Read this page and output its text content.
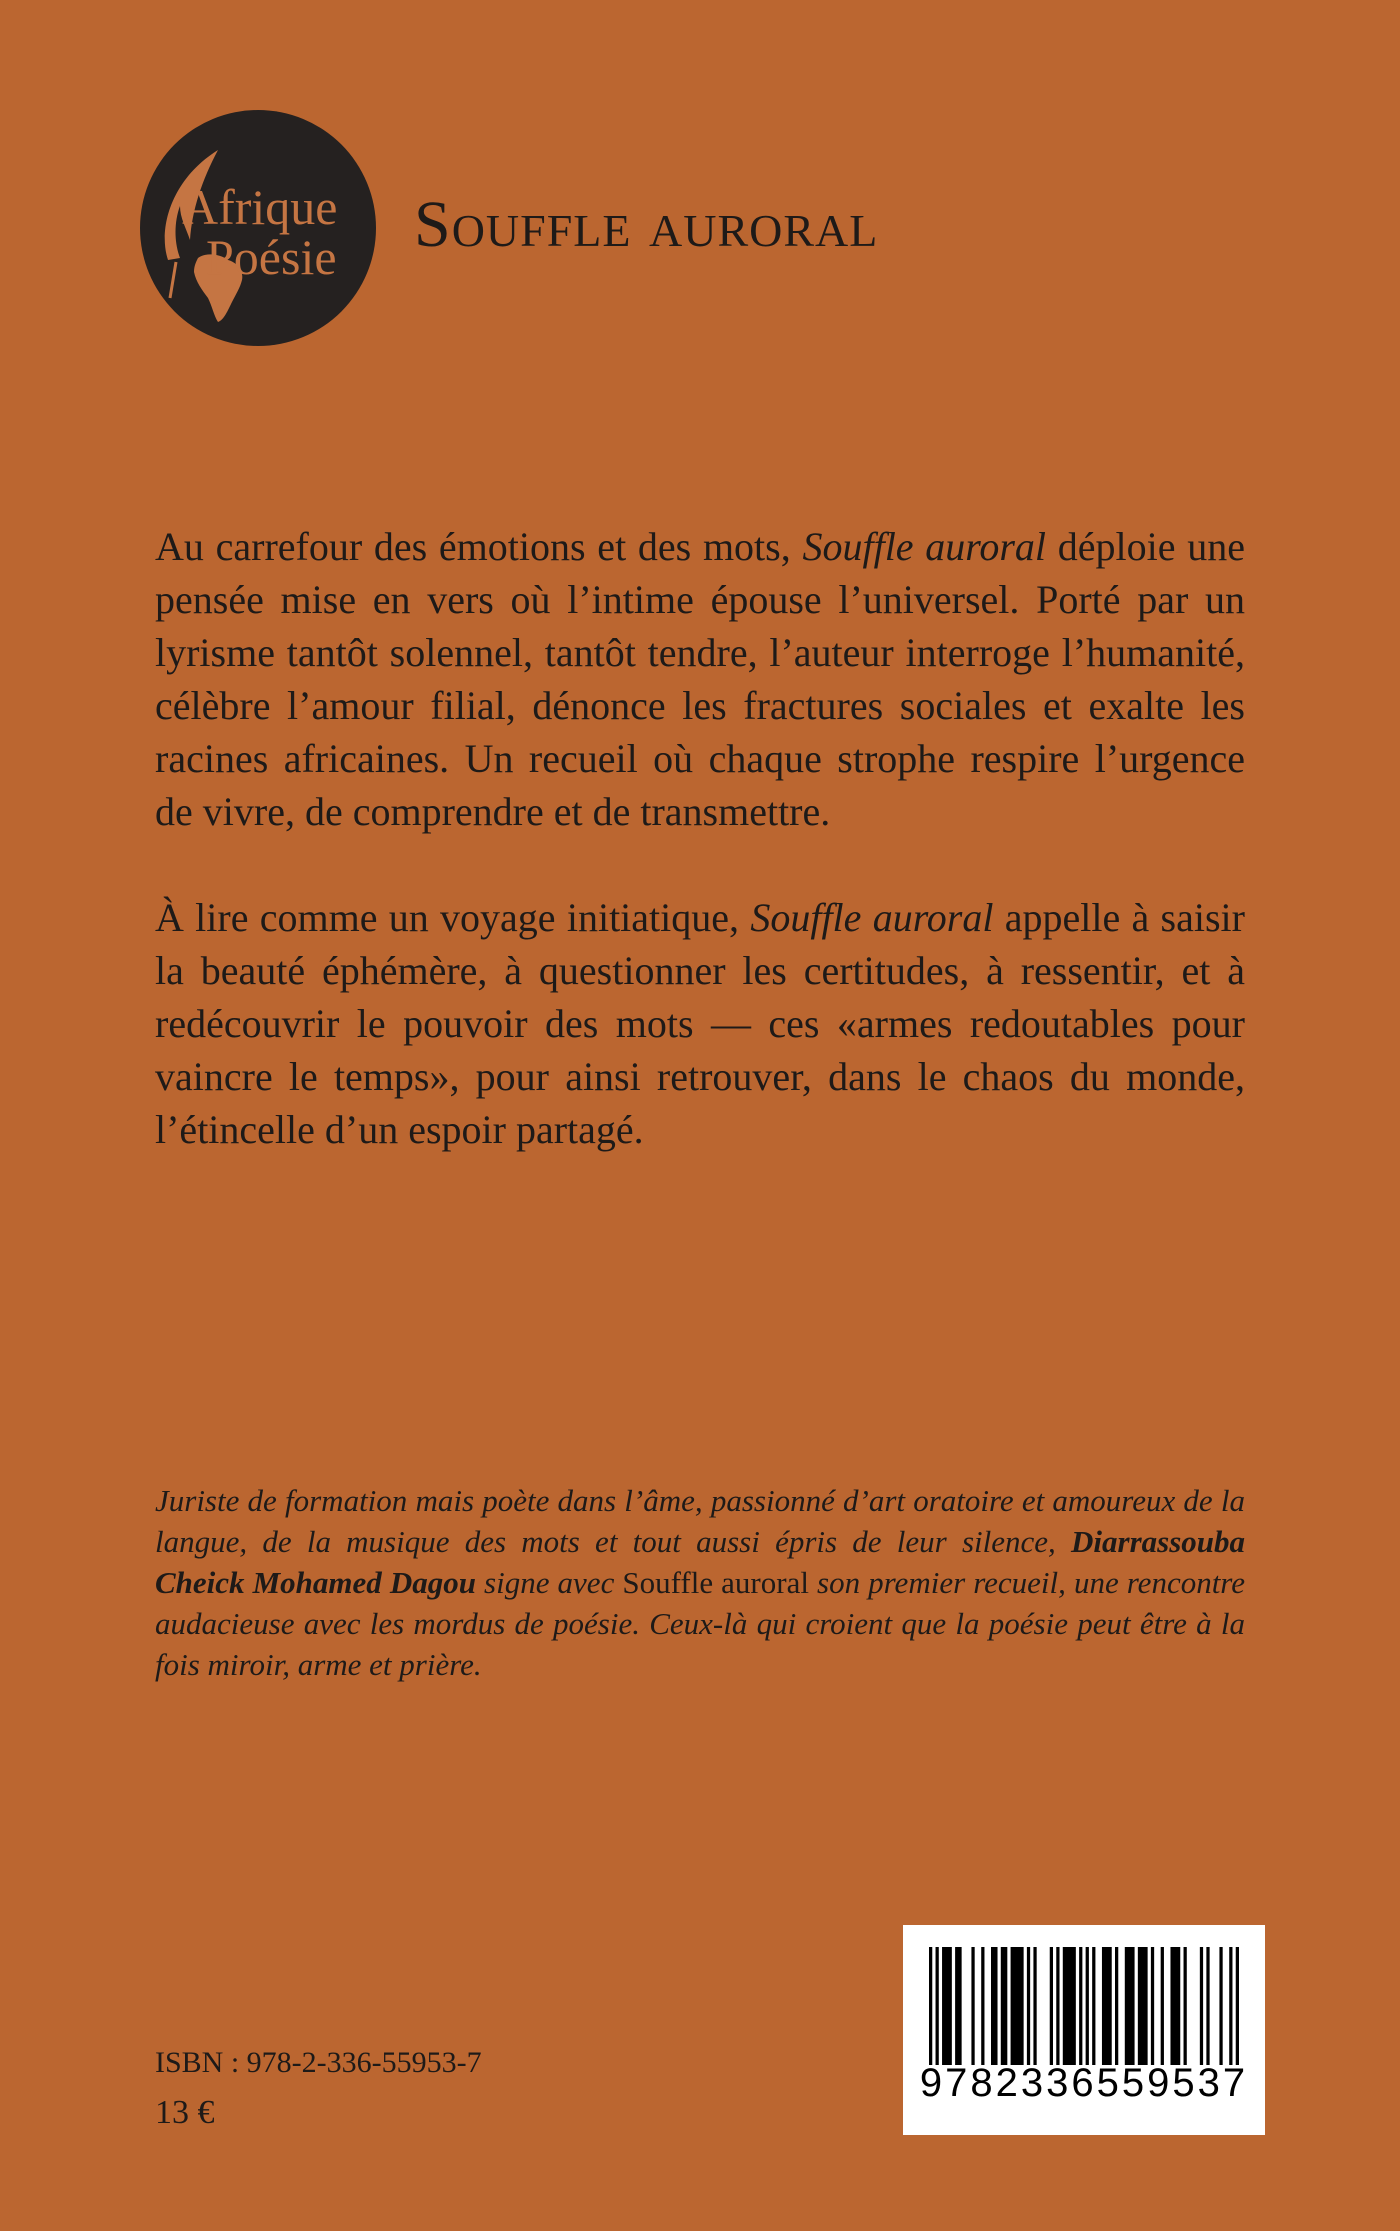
Afrique
Poésie Souffle auroral

Au carrefour des émotions et des mots, Souffle auroral déploie une pensée mise en vers où l’intime épouse l’universel. Porté par un lyrisme tantôt solennel, tantôt tendre, l’auteur interroge l’humanité, célèbre l’amour filial, dénonce les fractures sociales et exalte les racines africaines. Un recueil où chaque strophe respire l’urgence de vivre, de comprendre et de transmettre.

À lire comme un voyage initiatique, Souffle auroral appelle à saisir la beauté éphémère, à questionner les certitudes, à ressentir, et à redécouvrir le pouvoir des mots — ces «armes redoutables pour vaincre le temps», pour ainsi retrouver, dans le chaos du monde, l’étincelle d’un espoir partagé.

Juriste de formation mais poète dans l’âme, passionné d’art oratoire et amoureux de la langue, de la musique des mots et tout aussi épris de leur silence, Diarrassouba Cheick Mohamed Dagou signe avec Souffle auroral son premier recueil, une rencontre audacieuse avec les mordus de poésie. Ceux-là qui croient que la poésie peut être à la fois miroir, arme et prière.

ISBN : 978-2-336-55953-7
13 €
9782336559537
